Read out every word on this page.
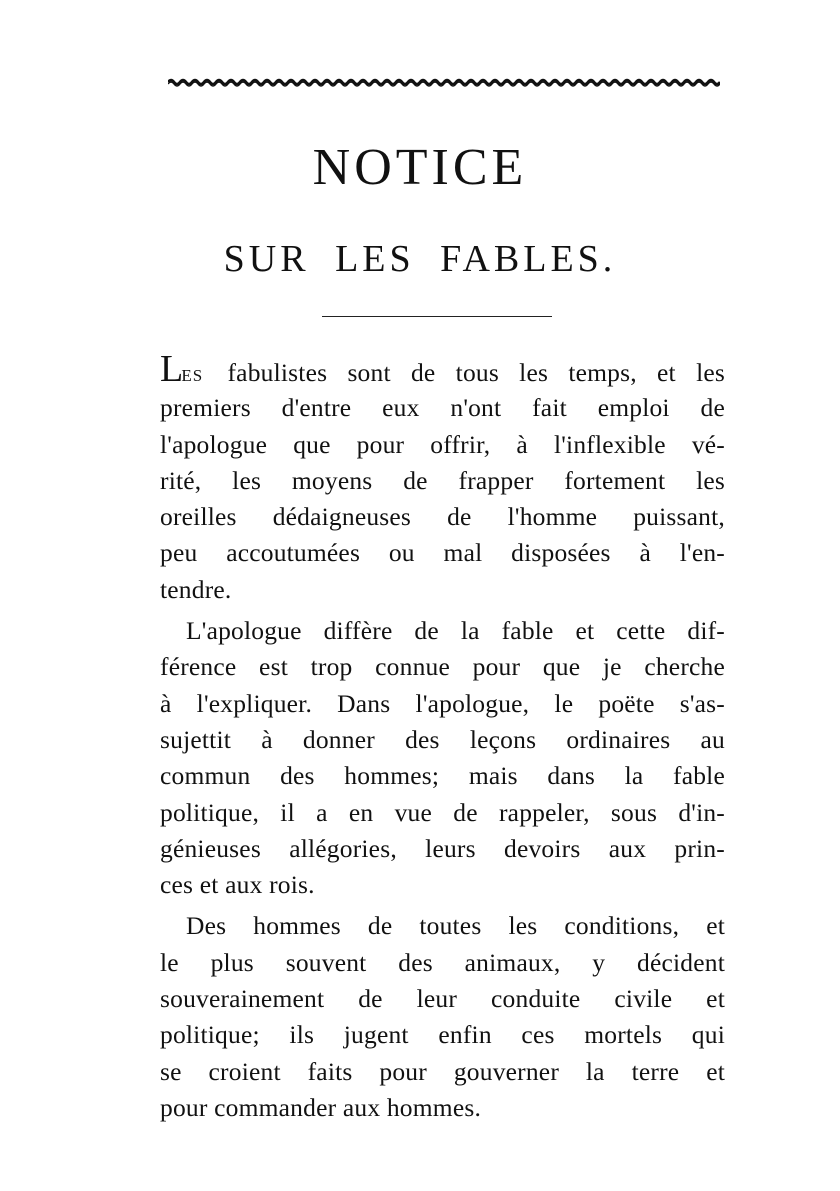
NOTICE
SUR LES FABLES.
LES fabulistes sont de tous les temps, et les
premiers d'entre eux n'ont fait emploi de
l'apologue que pour offrir, à l'inflexible vé-
rité, les moyens de frapper fortement les
oreilles dédaigneuses de l'homme puissant,
peu accoutumées ou mal disposées à l'en-
tendre.
L'apologue diffère de la fable et cette dif-
férence est trop connue pour que je cherche
à l'expliquer. Dans l'apologue, le poëte s'as-
sujettit à donner des leçons ordinaires au
commun des hommes; mais dans la fable
politique, il a en vue de rappeler, sous d'in-
génieuses allégories, leurs devoirs aux prin-
ces et aux rois.
Des hommes de toutes les conditions, et
le plus souvent des animaux, y décident
souverainement de leur conduite civile et
politique; ils jugent enfin ces mortels qui
se croient faits pour gouverner la terre et
pour commander aux hommes.
